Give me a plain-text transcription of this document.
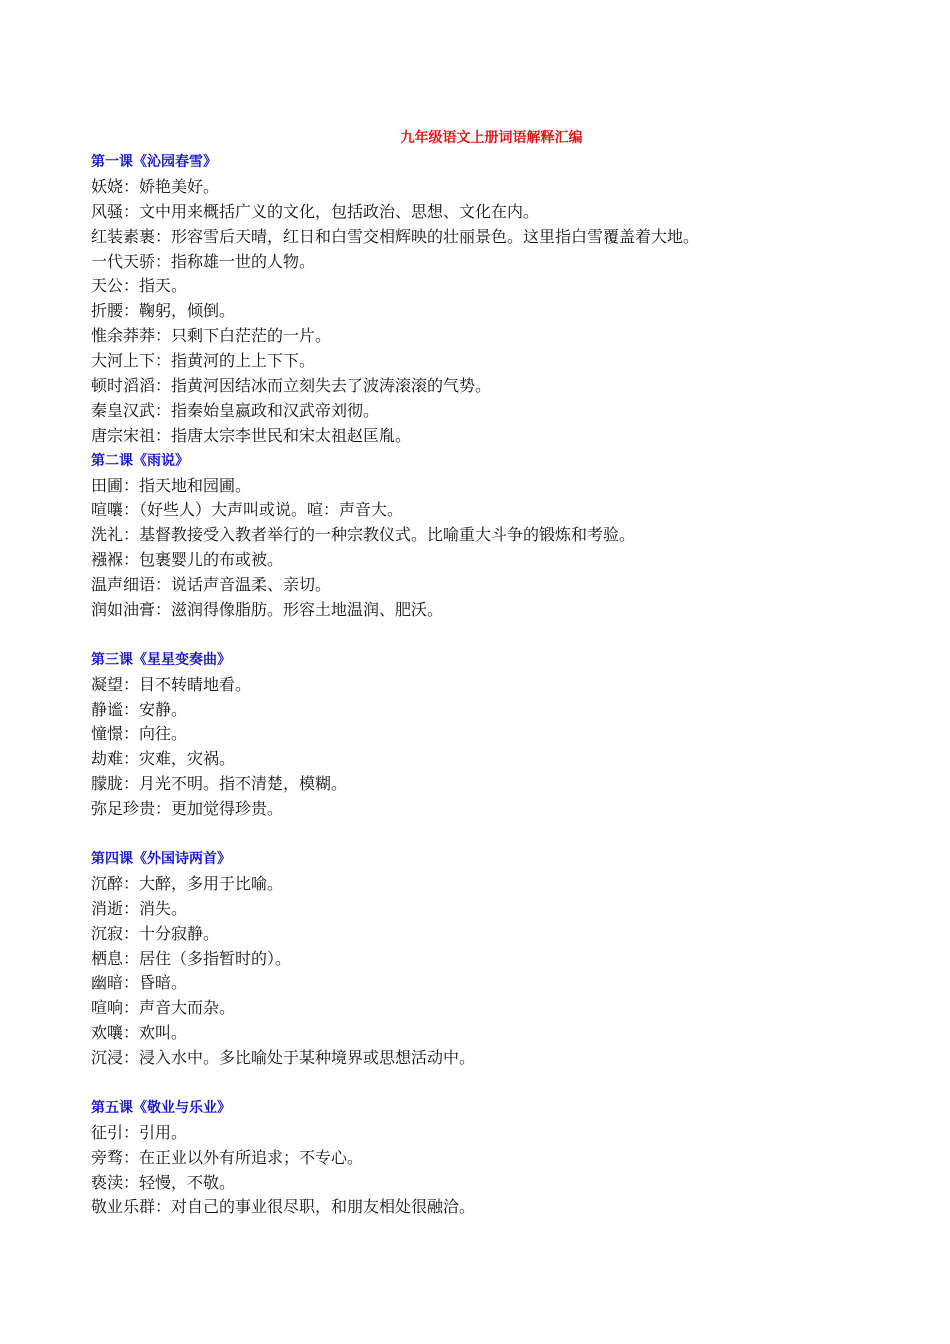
九年级语文上册词语解释汇编
第一课《沁园春雪》
妖娆：娇艳美好。
风骚：文中用来概括广义的文化，包括政治、思想、文化在内。
红装素裹：形容雪后天晴，红日和白雪交相辉映的壮丽景色。这里指白雪覆盖着大地。
一代天骄：指称雄一世的人物。
天公：指天。
折腰：鞠躬，倾倒。
惟余莽莽：只剩下白茫茫的一片。
大河上下：指黄河的上上下下。
顿时滔滔：指黄河因结冰而立刻失去了波涛滚滚的气势。
秦皇汉武：指秦始皇嬴政和汉武帝刘彻。
唐宗宋祖：指唐太宗李世民和宋太祖赵匡胤。
第二课《雨说》
田圃：指天地和园圃。
喧嚷：（好些人）大声叫或说。喧：声音大。
洗礼：基督教接受入教者举行的一种宗教仪式。比喻重大斗争的锻炼和考验。
襁褓：包裹婴儿的布或被。
温声细语：说话声音温柔、亲切。
润如油膏：滋润得像脂肪。形容土地温润、肥沃。
第三课《星星变奏曲》
凝望：目不转睛地看。
静谧：安静。
憧憬：向往。
劫难：灾难，灾祸。
朦胧：月光不明。指不清楚，模糊。
弥足珍贵：更加觉得珍贵。
第四课《外国诗两首》
沉醉：大醉，多用于比喻。
消逝：消失。
沉寂：十分寂静。
栖息：居住（多指暂时的）。
幽暗：昏暗。
喧响：声音大而杂。
欢嚷：欢叫。
沉浸：浸入水中。多比喻处于某种境界或思想活动中。
第五课《敬业与乐业》
征引：引用。
旁骛：在正业以外有所追求；不专心。
亵渎：轻慢，不敬。
敬业乐群：对自己的事业很尽职，和朋友相处很融洽。
